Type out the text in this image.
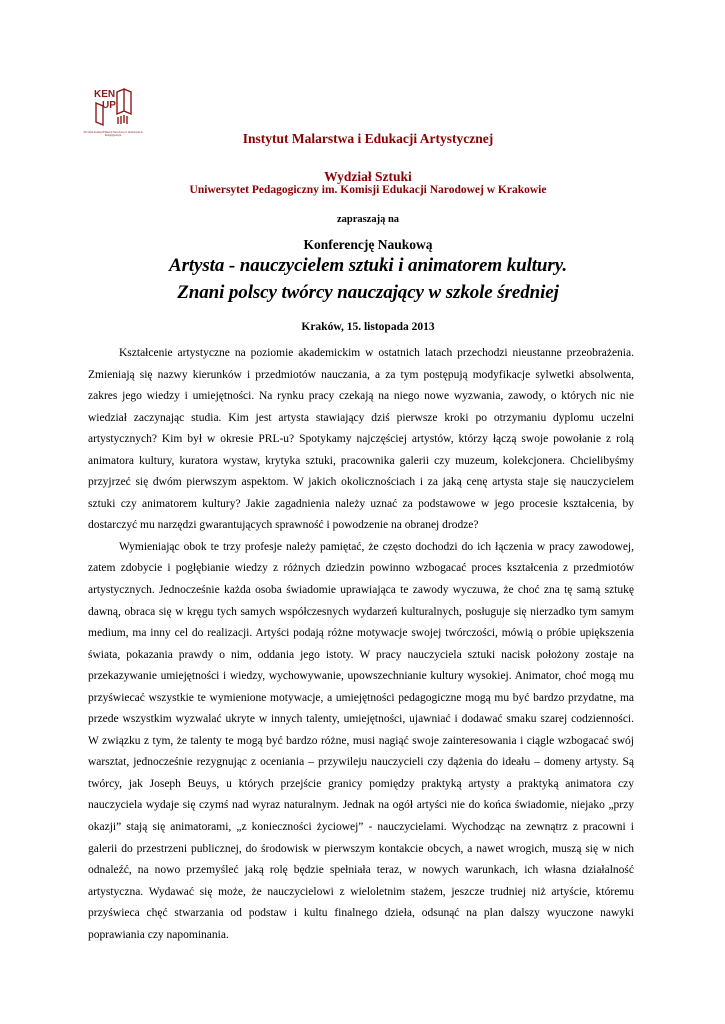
KEN
UP
2013 Rok Komisji Edukacji Narodowej w Uniwersytecie Pedagogicznym	Instytut Malarstwa i Edukacji Artystycznej
Wydział Sztuki
Uniwersytet Pedagogiczny im. Komisji Edukacji Narodowej w Krakowie
zapraszają na
Konferencję Naukową
Artysta - nauczycielem sztuki i animatorem kultury.
Znani polscy twórcy nauczający w szkole średniej
Kraków, 15. listopada 2013

Kształcenie artystyczne na poziomie akademickim w ostatnich latach przechodzi nieustanne przeobrażenia. Zmieniają się nazwy kierunków i przedmiotów nauczania, a za tym postępują modyfikacje sylwetki absolwenta, zakres jego wiedzy i umiejętności. Na rynku pracy czekają na niego nowe wyzwania, zawody, o których nic nie wiedział zaczynając studia. Kim jest artysta stawiający dziś pierwsze kroki po otrzymaniu dyplomu uczelni artystycznych? Kim był w okresie PRL-u? Spotykamy najczęściej artystów, którzy łączą swoje powołanie z rolą animatora kultury, kuratora wystaw, krytyka sztuki, pracownika galerii czy muzeum, kolekcjonera. Chcielibyśmy przyjrzeć się dwóm pierwszym aspektom. W jakich okolicznościach i za jaką cenę artysta staje się nauczycielem sztuki czy animatorem kultury? Jakie zagadnienia należy uznać za podstawowe w jego procesie kształcenia, by dostarczyć mu narzędzi gwarantujących sprawność i powodzenie na obranej drodze?

Wymieniając obok te trzy profesje należy pamiętać, że często dochodzi do ich łączenia w pracy zawodowej, zatem zdobycie i pogłębianie wiedzy z różnych dziedzin powinno wzbogacać proces kształcenia z przedmiotów artystycznych. Jednocześnie każda osoba świadomie uprawiająca te zawody wyczuwa, że choć zna tę samą sztukę dawną, obraca się w kręgu tych samych współczesnych wydarzeń kulturalnych, posługuje się nierzadko tym samym medium, ma inny cel do realizacji. Artyści podają różne motywacje swojej twórczości, mówią o próbie upiększenia świata, pokazania prawdy o nim, oddania jego istoty. W pracy nauczyciela sztuki nacisk położony zostaje na przekazywanie umiejętności i wiedzy, wychowywanie, upowszechnianie kultury wysokiej. Animator, choć mogą mu przyświecać wszystkie te wymienione motywacje, a umiejętności pedagogiczne mogą mu być bardzo przydatne, ma przede wszystkim wyzwalać ukryte w innych talenty, umiejętności, ujawniać i dodawać smaku szarej codzienności. W związku z tym, że talenty te mogą być bardzo różne, musi nagiąć swoje zainteresowania i ciągle wzbogacać swój warsztat, jednocześnie rezygnując z oceniania – przywileju nauczycieli czy dążenia do ideału – domeny artysty. Są twórcy, jak Joseph Beuys, u których przejście granicy pomiędzy praktyką artysty a praktyką animatora czy nauczyciela wydaje się czymś nad wyraz naturalnym. Jednak na ogół artyści nie do końca świadomie, niejako „przy okazji” stają się animatorami, „z konieczności życiowej” - nauczycielami. Wychodząc na zewnątrz z pracowni i galerii do przestrzeni publicznej, do środowisk w pierwszym kontakcie obcych, a nawet wrogich, muszą się w nich odnaleźć, na nowo przemyśleć jaką rolę będzie spełniała teraz, w nowych warunkach, ich własna działalność artystyczna. Wydawać się może, że nauczycielowi z wieloletnim stażem, jeszcze trudniej niż artyście, któremu przyświeca chęć stwarzania od podstaw i kultu finalnego dzieła, odsunąć na plan dalszy wyuczone nawyki poprawiania czy napominania.
